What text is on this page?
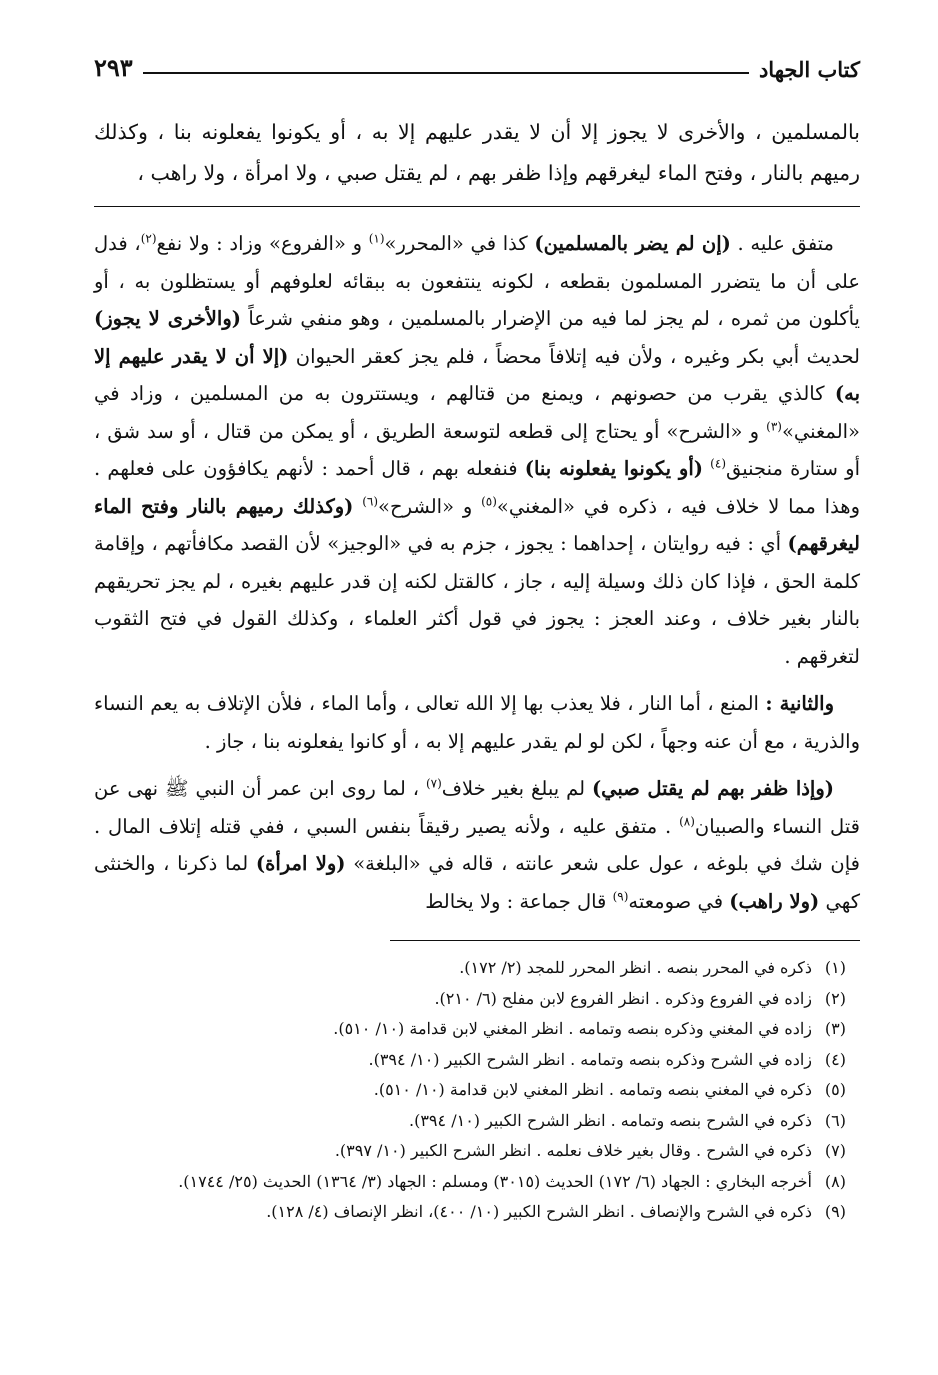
كتاب الجهاد
٢٩٣
بالمسلمين ، والأخرى لا يجوز إلا أن لا يقدر عليهم إلا به ، أو يكونوا يفعلونه بنا ، وكذلك رميهم بالنار ، وفتح الماء ليغرقهم وإذا ظفر بهم ، لم يقتل صبي ، ولا امرأة ، ولا راهب ،

متفق عليه . (إن لم يضر بالمسلمين) كذا في «المحرر»$^{(١)}$ و «الفروع» وزاد : ولا نفع$^{(٢)}$، فدل على أن ما يتضرر المسلمون بقطعه ، لكونه ينتفعون به ببقائه لعلوفهم أو يستظلون به ، أو يأكلون من ثمره ، لم يجز لما فيه من الإضرار بالمسلمين ، وهو منفي شرعاً (والأخرى لا يجوز) لحديث أبي بكر وغيره ، ولأن فيه إتلافاً محضاً ، فلم يجز كعقر الحيوان (إلا أن لا يقدر عليهم إلا به) كالذي يقرب من حصونهم ، ويمنع من قتالهم ، ويستترون به من المسلمين ، وزاد في «المغني»$^{(٣)}$ و «الشرح» أو يحتاج إلى قطعه لتوسعة الطريق ، أو يمكن من قتال ، أو سد شق ، أو ستارة منجنيق$^{(٤)}$ (أو يكونوا يفعلونه بنا) فنفعله بهم ، قال أحمد : لأنهم يكافؤون على فعلهم . وهذا مما لا خلاف فيه ، ذكره في «المغني»$^{(٥)}$ و «الشرح»$^{(٦)}$ (وكذلك رميهم بالنار وفتح الماء ليغرقهم) أي : فيه روايتان ، إحداهما : يجوز ، جزم به في «الوجيز» لأن القصد مكافأتهم ، وإقامة كلمة الحق ، فإذا كان ذلك وسيلة إليه ، جاز ، كالقتل لكنه إن قدر عليهم بغيره ، لم يجز تحريقهم بالنار بغير خلاف ، وعند العجز : يجوز في قول أكثر العلماء ، وكذلك القول في فتح الثقوب لتغرقهم .

والثانية : المنع ، أما النار ، فلا يعذب بها إلا الله تعالى ، وأما الماء ، فلأن الإتلاف به يعم النساء والذرية ، مع أن عنه وجهاً ، لكن لو لم يقدر عليهم إلا به ، أو كانوا يفعلونه بنا ، جاز .

(وإذا ظفر بهم لم يقتل صبي) لم يبلغ بغير خلاف$^{(٧)}$ ، لما روى ابن عمر أن النبي ﷺ نهى عن قتل النساء والصبيان$^{(٨)}$ . متفق عليه ، ولأنه يصير رقيقاً بنفس السبي ، ففي قتله إتلاف المال . فإن شك في بلوغه ، عول على شعر عانته ، قاله في «البلغة» (ولا امرأة) لما ذكرنا ، والخنثى كهي (ولا راهب) في صومعته$^{(٩)}$ قال جماعة : ولا يخالط

(١)ذكره في المحرر بنصه . انظر المحرر للمجد (٢/ ١٧٢).
(٢)زاده في الفروع وذكره . انظر الفروع لابن مفلح (٦/ ٢١٠).
(٣)زاده في المغني وذكره بنصه وتمامه . انظر المغني لابن قدامة (١٠/ ٥١٠).
(٤)زاده في الشرح وذكره بنصه وتمامه . انظر الشرح الكبير (١٠/ ٣٩٤).
(٥)ذكره في المغني بنصه وتمامه . انظر المغني لابن قدامة (١٠/ ٥١٠).
(٦)ذكره في الشرح بنصه وتمامه . انظر الشرح الكبير (١٠/ ٣٩٤).
(٧)ذكره في الشرح . وقال بغير خلاف نعلمه . انظر الشرح الكبير (١٠/ ٣٩٧).
(٨)أخرجه البخاري : الجهاد (٦/ ١٧٢) الحديث (٣٠١٥) ومسلم : الجهاد (٣/ ١٣٦٤) الحديث (٢٥/ ١٧٤٤).
(٩)ذكره في الشرح والإنصاف . انظر الشرح الكبير (١٠/ ٤٠٠)، انظر الإنصاف (٤/ ١٢٨).
